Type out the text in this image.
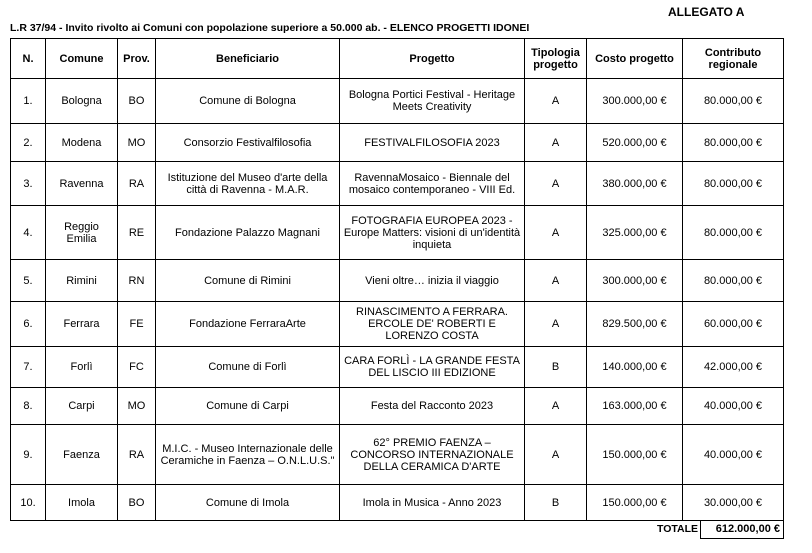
ALLEGATO A
L.R 37/94 - Invito rivolto ai Comuni con popolazione superiore a 50.000 ab. - ELENCO PROGETTI IDONEI
N.	Comune	Prov.	Beneficiario	Progetto	Tipologia progetto	Costo progetto	Contributo regionale
1.	Bologna	BO	Comune di Bologna	Bologna Portici Festival - Heritage Meets Creativity	A	300.000,00 €	80.000,00 €
2.	Modena	MO	Consorzio Festivalfilosofia	FESTIVALFILOSOFIA 2023	A	520.000,00 €	80.000,00 €
3.	Ravenna	RA	Istituzione del Museo d'arte della città di Ravenna - M.A.R.	RavennaMosaico - Biennale del mosaico contemporaneo - VIII Ed.	A	380.000,00 €	80.000,00 €
4.	Reggio Emilia	RE	Fondazione Palazzo Magnani	FOTOGRAFIA EUROPEA 2023 - Europe Matters: visioni di un'identità inquieta	A	325.000,00 €	80.000,00 €
5.	Rimini	RN	Comune di Rimini	Vieni oltre… inizia il viaggio	A	300.000,00 €	80.000,00 €
6.	Ferrara	FE	Fondazione FerraraArte	RINASCIMENTO A FERRARA. ERCOLE DE' ROBERTI E LORENZO COSTA	A	829.500,00 €	60.000,00 €
7.	Forlì	FC	Comune di Forlì	CARA FORLÌ - LA GRANDE FESTA DEL LISCIO III EDIZIONE	B	140.000,00 €	42.000,00 €
8.	Carpi	MO	Comune di Carpi	Festa del Racconto 2023	A	163.000,00 €	40.000,00 €
9.	Faenza	RA	M.I.C. - Museo Internazionale delle Ceramiche in Faenza – O.N.L.U.S."	62° PREMIO FAENZA – CONCORSO INTERNAZIONALE DELLA CERAMICA D'ARTE	A	150.000,00 €	40.000,00 €
10.	Imola	BO	Comune di Imola	Imola in Musica - Anno 2023	B	150.000,00 €	30.000,00 €
TOTALE	612.000,00 €
